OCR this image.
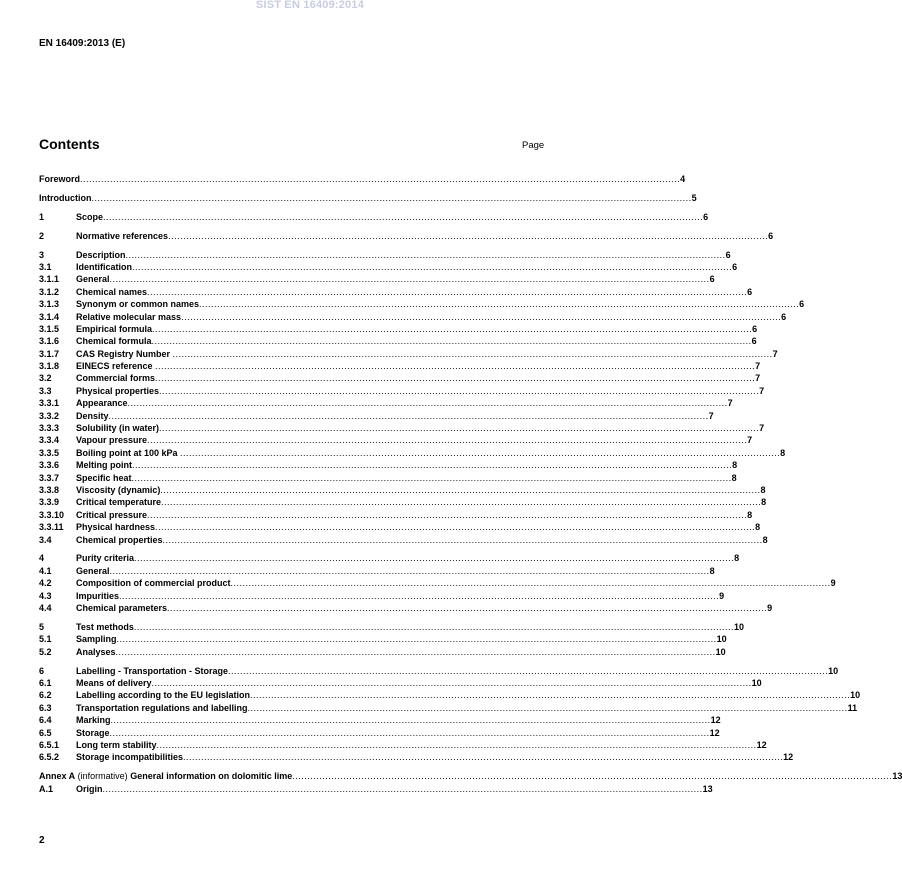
SIST EN 16409:2014
EN 16409:2013 (E)
Contents	Page
Foreword ........................................................................................................................................................................................................ 4
Introduction ........................................................................................................................................................................................................ 5
1	Scope ........................................................................................................................................................................................................ 6
2	Normative references ........................................................................................................................................................................................................ 6
3	Description ........................................................................................................................................................................................................ 6
3.1	Identification ........................................................................................................................................................................................................ 6
3.1.1 General ........................................................................................................................................................................................................ 6
3.1.2 Chemical names ........................................................................................................................................................................................................ 6
3.1.3 Synonym or common names ........................................................................................................................................................................................................ 6
3.1.4 Relative molecular mass ........................................................................................................................................................................................................ 6
3.1.5 Empirical formula ........................................................................................................................................................................................................ 6
3.1.6 Chemical formula ........................................................................................................................................................................................................ 6
3.1.7 CAS Registry Number ........................................................................................................................................................................................................ 7
3.1.8 EINECS reference ........................................................................................................................................................................................................ 7
3.2	Commercial forms ........................................................................................................................................................................................................ 7
3.3	Physical properties ........................................................................................................................................................................................................ 7
3.3.1 Appearance ........................................................................................................................................................................................................ 7
3.3.2 Density ........................................................................................................................................................................................................ 7
3.3.3 Solubility (in water) ........................................................................................................................................................................................................ 7
3.3.4 Vapour pressure ........................................................................................................................................................................................................ 7
3.3.5 Boiling point at 100 kPa ........................................................................................................................................................................................................ 8
3.3.6 Melting point ........................................................................................................................................................................................................ 8
3.3.7 Specific heat ........................................................................................................................................................................................................ 8
3.3.8 Viscosity (dynamic) ........................................................................................................................................................................................................ 8
3.3.9 Critical temperature ........................................................................................................................................................................................................ 8
3.3.10 Critical pressure ........................................................................................................................................................................................................ 8
3.3.11 Physical hardness ........................................................................................................................................................................................................ 8
3.4	Chemical properties ........................................................................................................................................................................................................ 8
4	Purity criteria ........................................................................................................................................................................................................ 8
4.1	General ........................................................................................................................................................................................................ 8
4.2	Composition of commercial product ........................................................................................................................................................................................................ 9
4.3	Impurities ........................................................................................................................................................................................................ 9
4.4	Chemical parameters ........................................................................................................................................................................................................ 9
5	Test methods ........................................................................................................................................................................................................ 10
5.1	Sampling ........................................................................................................................................................................................................ 10
5.2	Analyses ........................................................................................................................................................................................................ 10
6	Labelling - Transportation - Storage ........................................................................................................................................................................................................ 10
6.1	Means of delivery ........................................................................................................................................................................................................ 10
6.2	Labelling according to the EU legislation ........................................................................................................................................................................................................ 10
6.3	Transportation regulations and labelling ........................................................................................................................................................................................................ 11
6.4	Marking ........................................................................................................................................................................................................ 12
6.5	Storage ........................................................................................................................................................................................................ 12
6.5.1 Long term stability ........................................................................................................................................................................................................ 12
6.5.2 Storage incompatibilities ........................................................................................................................................................................................................ 12
Annex A (informative) General information on dolomitic lime ........................................................................................................................................................................................................ 13
A.1	Origin ........................................................................................................................................................................................................ 13
2
